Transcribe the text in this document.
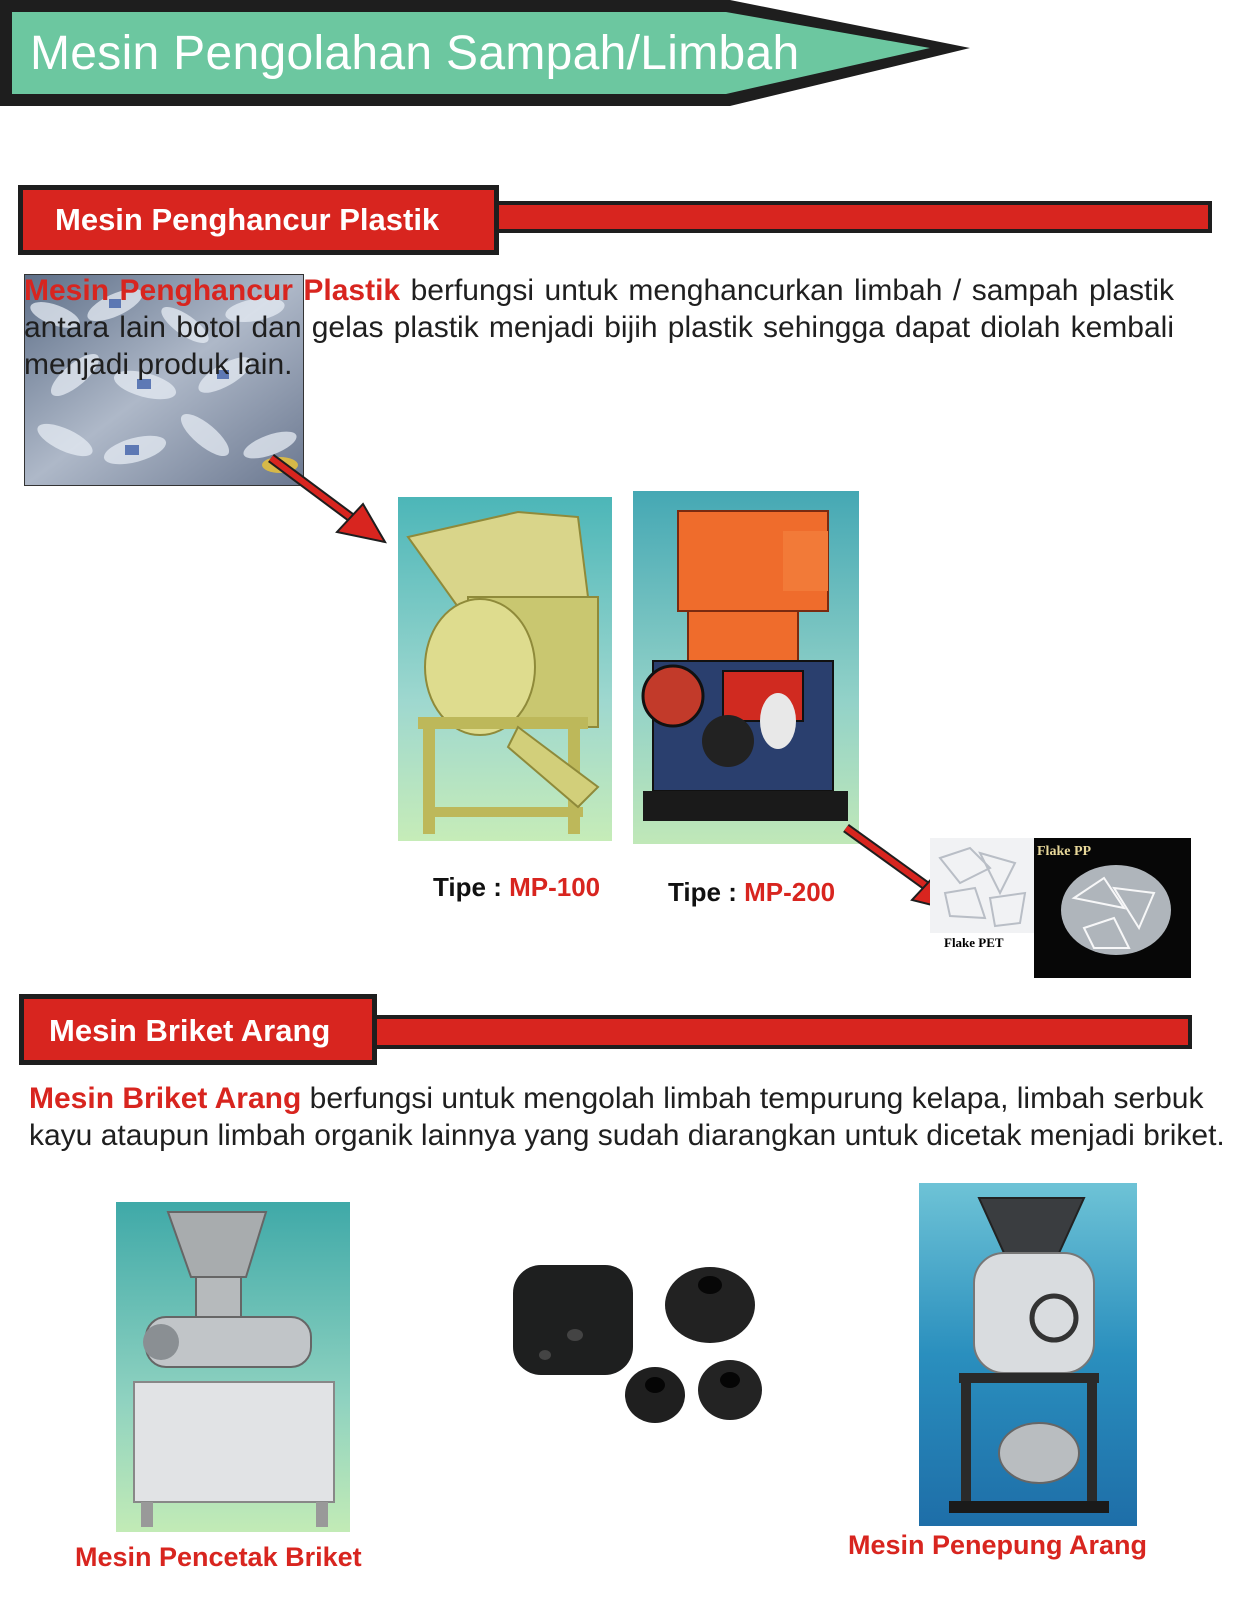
Mesin Pengolahan Sampah/Limbah
Mesin Penghancur Plastik
Mesin Penghancur Plastik berfungsi untuk menghancurkan limbah / sampah plastik antara lain botol dan gelas plastik menjadi bijih plastik sehingga dapat diolah kembali menjadi produk lain.
Tipe : MP-100	Tipe : MP-200
Flake PET
Flake PP
Mesin Briket Arang
Mesin Briket Arang berfungsi untuk mengolah limbah tempurung kelapa, limbah serbuk kayu ataupun limbah organik lainnya yang sudah diarangkan untuk dicetak menjadi briket.
Mesin Pencetak Briket	Mesin Penepung Arang
